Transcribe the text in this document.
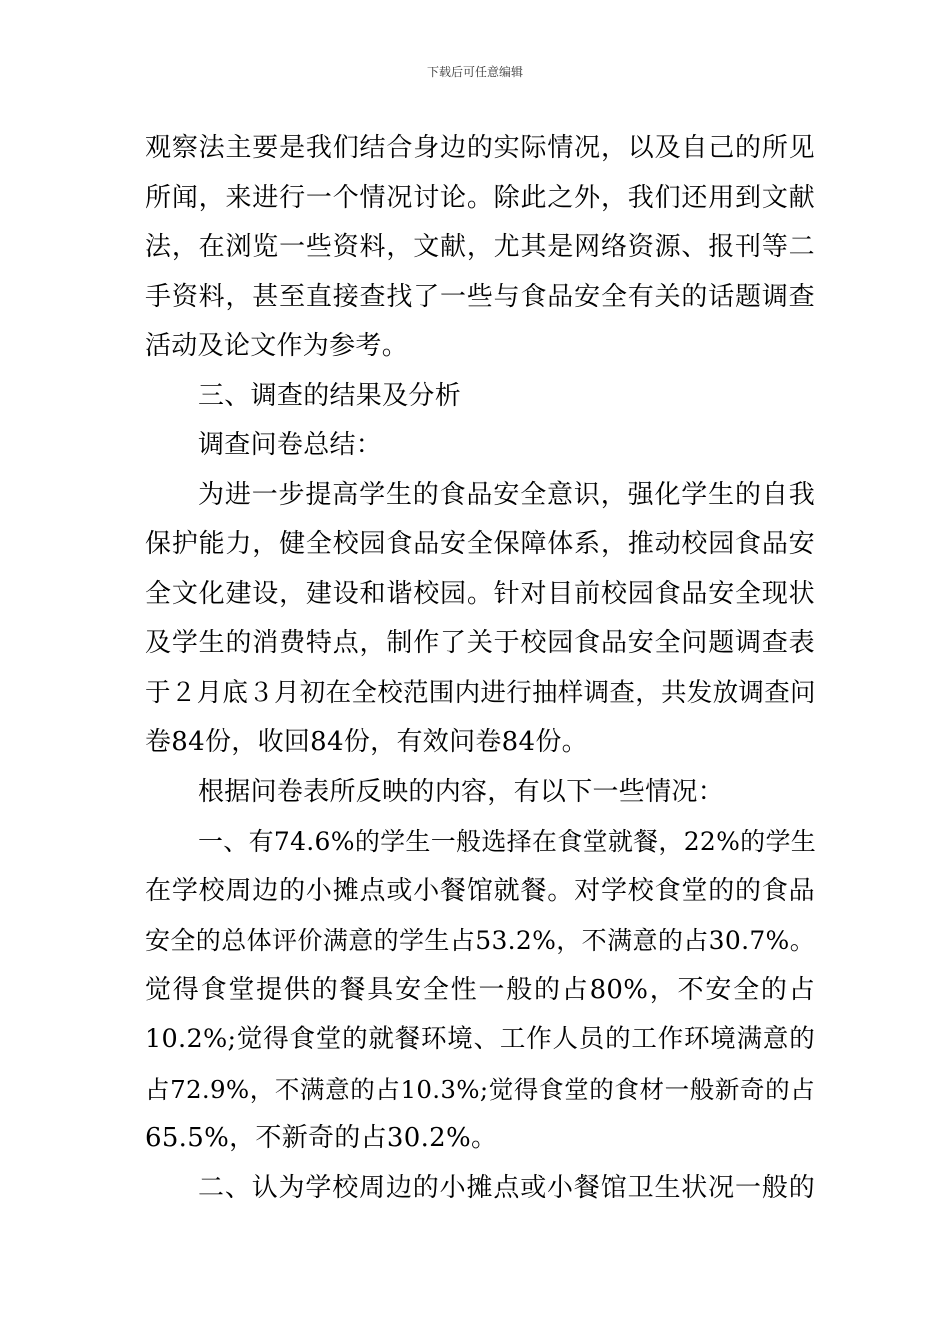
下载后可任意编辑
观察法主要是我们结合身边的实际情况，以及自己的所见
所闻，来进行一个情况讨论。除此之外，我们还用到文献
法，在浏览一些资料，文献，尤其是网络资源、报刊等二
手资料，甚至直接查找了一些与食品安全有关的话题调查
活动及论文作为参考。
三、调查的结果及分析
调查问卷总结：
为进一步提高学生的食品安全意识，强化学生的自我
保护能力，健全校园食品安全保障体系，推动校园食品安
全文化建设，建设和谐校园。针对目前校园食品安全现状
及学生的消费特点，制作了关于校园食品安全问题调查表
于２月底３月初在全校范围内进行抽样调查，共发放调查问
卷84份，收回84份，有效问卷84份。
根据问卷表所反映的内容，有以下一些情况：
一、有74.6%的学生一般选择在食堂就餐，22%的学生
在学校周边的小摊点或小餐馆就餐。对学校食堂的的食品
安全的总体评价满意的学生占53.2%，不满意的占30.7%。
觉得食堂提供的餐具安全性一般的占80%，不安全的占
10.2%;觉得食堂的就餐环境、工作人员的工作环境满意的
占72.9%，不满意的占10.3%;觉得食堂的食材一般新奇的占
65.5%，不新奇的占30.2%。
二、认为学校周边的小摊点或小餐馆卫生状况一般的
